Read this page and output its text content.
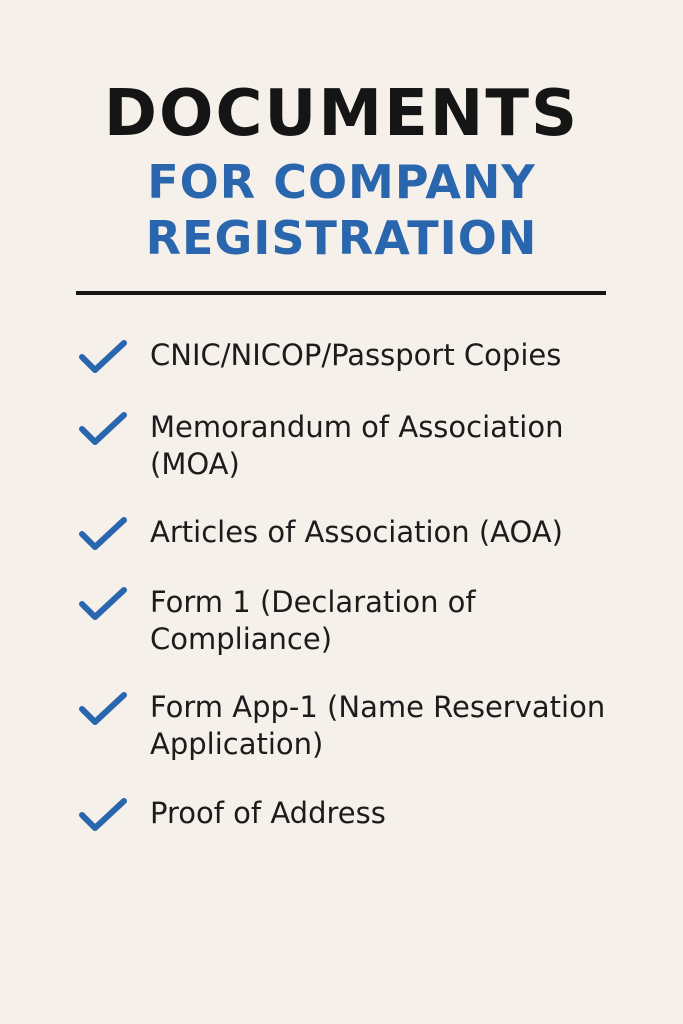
DOCUMENTS
FOR COMPANY
REGISTRATION
CNIC/NICOP/Passport Copies
Memorandum of Association (MOA)
Articles of Association (AOA)
Form 1 (Declaration of Compliance)
Form App-1 (Name Reservation Application)
Proof of Address
